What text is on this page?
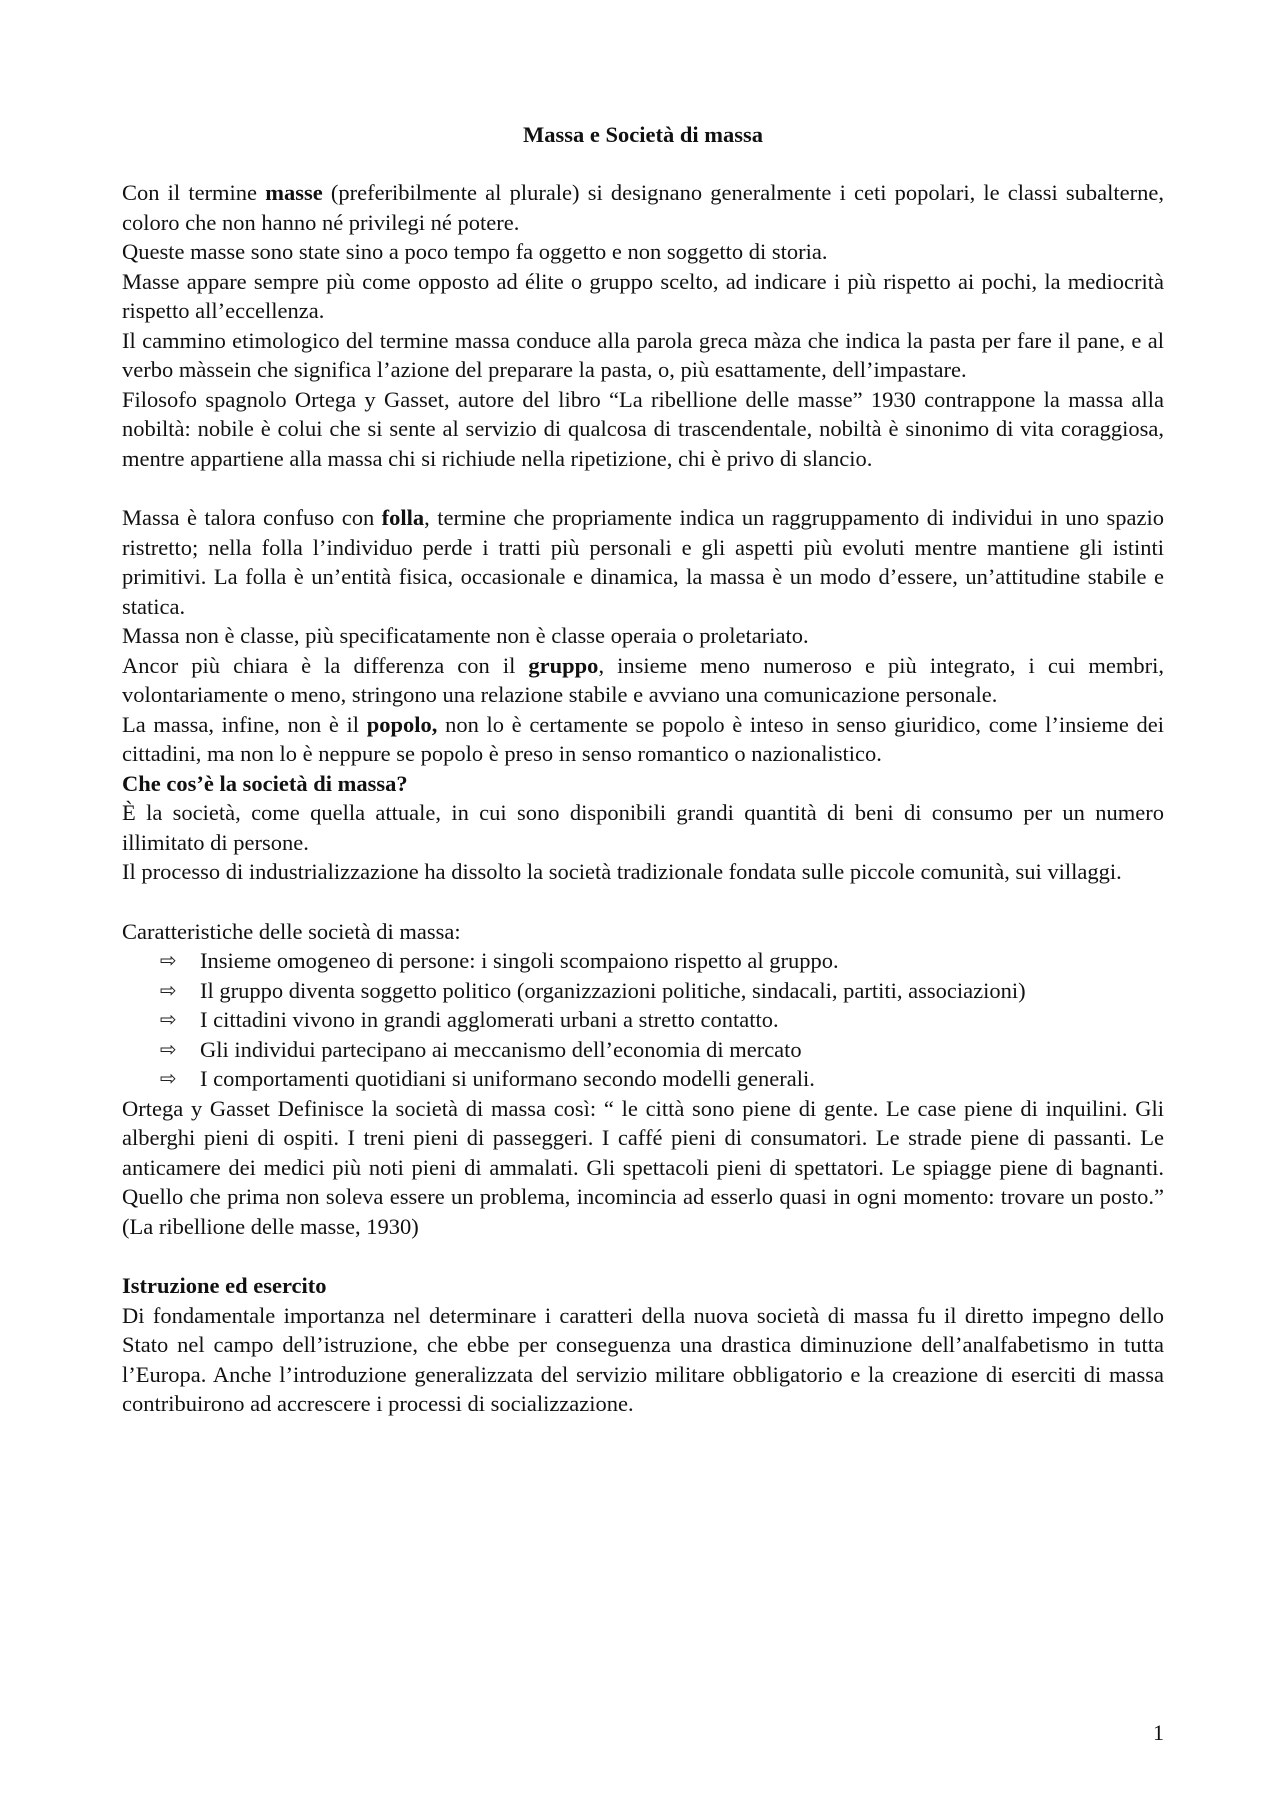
Massa e Società di massa

Con il termine masse (preferibilmente al plurale) si designano generalmente i ceti popolari, le classi subalterne, coloro che non hanno né privilegi né potere.

Queste masse sono state sino a poco tempo fa oggetto e non soggetto di storia.

Masse appare sempre più come opposto ad élite o gruppo scelto, ad indicare i più rispetto ai pochi, la mediocrità rispetto all’eccellenza.

Il cammino etimologico del termine massa conduce alla parola greca màza che indica la pasta per fare il pane, e al verbo màssein che significa l’azione del preparare la pasta, o, più esattamente, dell’impastare.

Filosofo spagnolo Ortega y Gasset, autore del libro “La ribellione delle masse” 1930 contrappone la massa alla nobiltà: nobile è colui che si sente al servizio di qualcosa di trascendentale, nobiltà è sinonimo di vita coraggiosa, mentre appartiene alla massa chi si richiude nella ripetizione, chi è privo di slancio.

Massa è talora confuso con folla, termine che propriamente indica un raggruppamento di individui in uno spazio ristretto; nella folla l’individuo perde i tratti più personali e gli aspetti più evoluti mentre mantiene gli istinti primitivi. La folla è un’entità fisica, occasionale e dinamica, la massa è un modo d’essere, un’attitudine stabile e statica.

Massa non è classe, più specificatamente non è classe operaia o proletariato.

Ancor più chiara è la differenza con il gruppo, insieme meno numeroso e più integrato, i cui membri, volontariamente o meno, stringono una relazione stabile e avviano una comunicazione personale.

La massa, infine, non è il popolo, non lo è certamente se popolo è inteso in senso giuridico, come l’insieme dei cittadini, ma non lo è neppure se popolo è preso in senso romantico o nazionalistico.

Che cos’è la società di massa?

È la società, come quella attuale, in cui sono disponibili grandi quantità di beni di consumo per un numero illimitato di persone.

Il processo di industrializzazione ha dissolto la società tradizionale fondata sulle piccole comunità, sui villaggi.

Caratteristiche delle società di massa:

⇨	Insieme omogeneo di persone: i singoli scompaiono rispetto al gruppo.
⇨	Il gruppo diventa soggetto politico (organizzazioni politiche, sindacali, partiti, associazioni)
⇨	I cittadini vivono in grandi agglomerati urbani a stretto contatto.
⇨	Gli individui partecipano ai meccanismo dell’economia di mercato
⇨	I comportamenti quotidiani si uniformano secondo modelli generali.

Ortega y Gasset Definisce la società di massa così: “ le città sono piene di gente. Le case piene di inquilini. Gli alberghi pieni di ospiti. I treni pieni di passeggeri. I caffé pieni di consumatori. Le strade piene di passanti. Le anticamere dei medici più noti pieni di ammalati. Gli spettacoli pieni di spettatori. Le spiagge piene di bagnanti. Quello che prima non soleva essere un problema, incomincia ad esserlo quasi in ogni momento: trovare un posto.” (La ribellione delle masse, 1930)

Istruzione ed esercito

Di fondamentale importanza nel determinare i caratteri della nuova società di massa fu il diretto impegno dello Stato nel campo dell’istruzione, che ebbe per conseguenza una drastica diminuzione dell’analfabetismo in tutta l’Europa. Anche l’introduzione generalizzata del servizio militare obbligatorio e la creazione di eserciti di massa contribuirono ad accrescere i processi di socializzazione.

1
